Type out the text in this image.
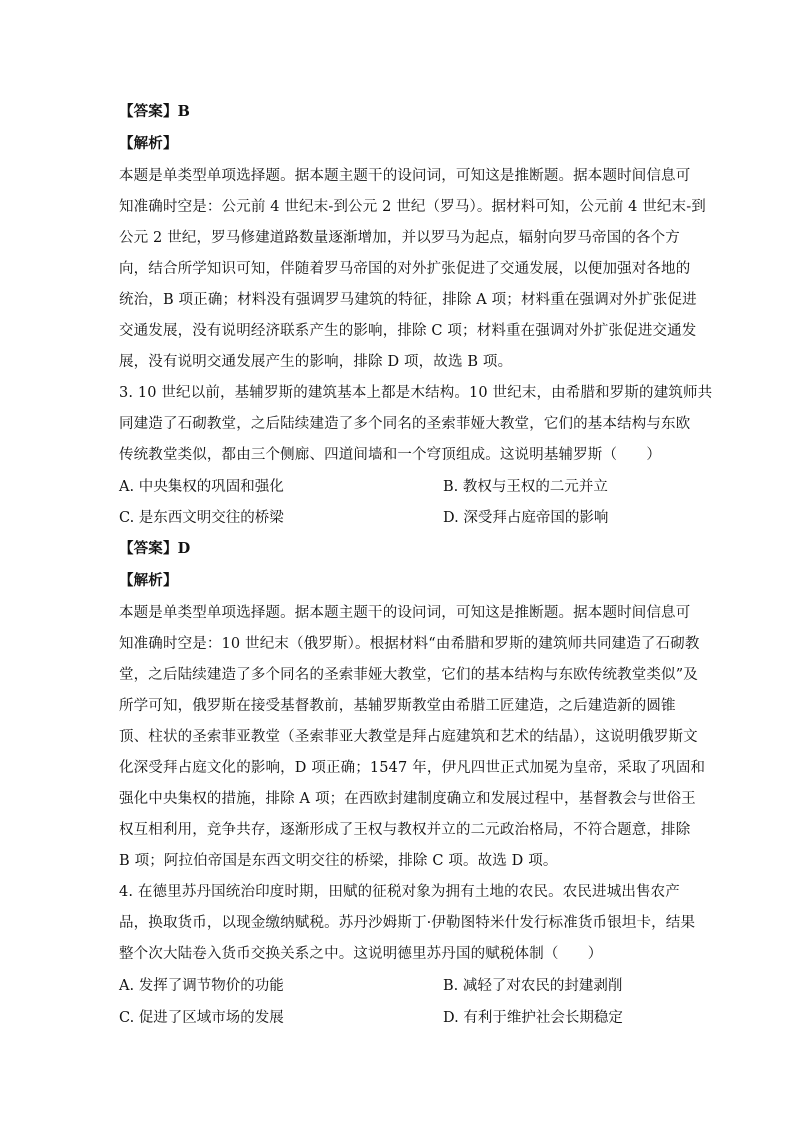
【答案】B
【解析】
本题是单类型单项选择题。据本题主题干的设问词，可知这是推断题。据本题时间信息可
知准确时空是：公元前 4 世纪末-到公元 2 世纪（罗马）。据材料可知，公元前 4 世纪末-到
公元 2 世纪，罗马修建道路数量逐渐增加，并以罗马为起点，辐射向罗马帝国的各个方
向，结合所学知识可知，伴随着罗马帝国的对外扩张促进了交通发展，以便加强对各地的
统治，B 项正确；材料没有强调罗马建筑的特征，排除 A 项；材料重在强调对外扩张促进
交通发展，没有说明经济联系产生的影响，排除 C 项；材料重在强调对外扩张促进交通发
展，没有说明交通发展产生的影响，排除 D 项，故选 B 项。
3. 10 世纪以前，基辅罗斯的建筑基本上都是木结构。10 世纪末，由希腊和罗斯的建筑师共
同建造了石砌教堂，之后陆续建造了多个同名的圣索菲娅大教堂，它们的基本结构与东欧
传统教堂类似，都由三个侧廊、四道间墙和一个穹顶组成。这说明基辅罗斯（　　）
A. 中央集权的巩固和强化	B. 教权与王权的二元并立
C. 是东西文明交往的桥梁	D. 深受拜占庭帝国的影响
【答案】D
【解析】
本题是单类型单项选择题。据本题主题干的设问词，可知这是推断题。据本题时间信息可
知准确时空是：10 世纪末（俄罗斯）。根据材料“由希腊和罗斯的建筑师共同建造了石砌教
堂，之后陆续建造了多个同名的圣索菲娅大教堂，它们的基本结构与东欧传统教堂类似”及
所学可知，俄罗斯在接受基督教前，基辅罗斯教堂由希腊工匠建造，之后建造新的圆锥
顶、柱状的圣索菲亚教堂（圣索菲亚大教堂是拜占庭建筑和艺术的结晶），这说明俄罗斯文
化深受拜占庭文化的影响，D 项正确；1547 年，伊凡四世正式加冕为皇帝，采取了巩固和
强化中央集权的措施，排除 A 项；在西欧封建制度确立和发展过程中，基督教会与世俗王
权互相利用，竞争共存，逐渐形成了王权与教权并立的二元政治格局，不符合题意，排除
B 项；阿拉伯帝国是东西文明交往的桥梁，排除 C 项。故选 D 项。
4. 在德里苏丹国统治印度时期，田赋的征税对象为拥有土地的农民。农民进城出售农产
品，换取货币，以现金缴纳赋税。苏丹沙姆斯丁·伊勒图特米什发行标准货币银坦卡，结果
整个次大陆卷入货币交换关系之中。这说明德里苏丹国的赋税体制（　　）
A. 发挥了调节物价的功能	B. 减轻了对农民的封建剥削
C. 促进了区域市场的发展	D. 有利于维护社会长期稳定
